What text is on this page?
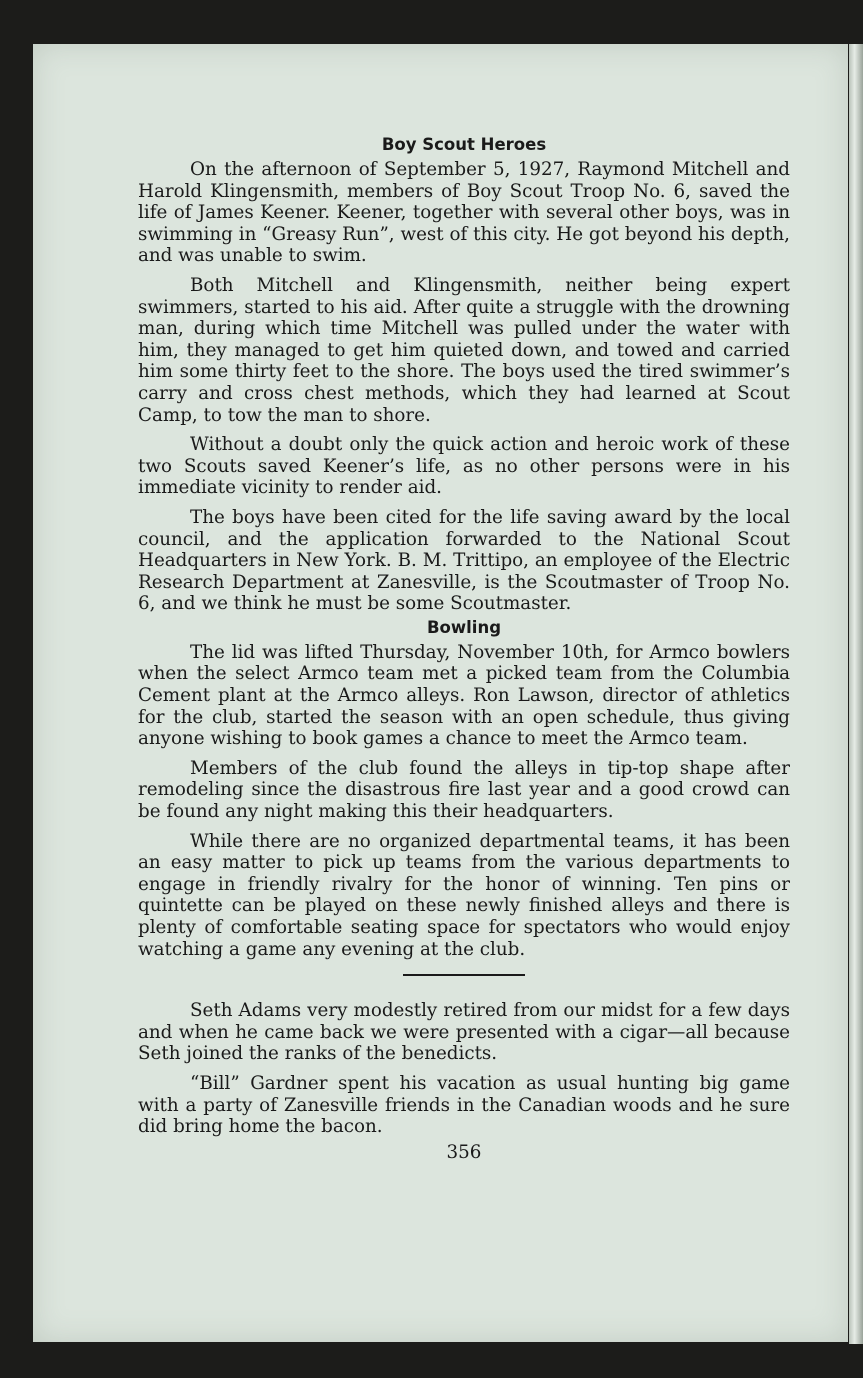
Boy Scout Heroes

On the afternoon of September 5, 1927, Raymond Mitchell and Harold Klingensmith, members of Boy Scout Troop No. 6, saved the life of James Keener. Keener, together with several other boys, was in swimming in “Greasy Run”, west of this city. He got beyond his depth, and was unable to swim.

Both Mitchell and Klingensmith, neither being expert swimmers, started to his aid. After quite a struggle with the drowning man, during which time Mitchell was pulled under the water with him, they managed to get him quieted down, and towed and carried him some thirty feet to the shore. The boys used the tired swimmer’s carry and cross chest methods, which they had learned at Scout Camp, to tow the man to shore.

Without a doubt only the quick action and heroic work of these two Scouts saved Keener’s life, as no other persons were in his immediate vicinity to render aid.

The boys have been cited for the life saving award by the local council, and the application forwarded to the National Scout Headquarters in New York. B. M. Trittipo, an employee of the Electric Research Department at Zanesville, is the Scoutmaster of Troop No. 6, and we think he must be some Scoutmaster.

Bowling

The lid was lifted Thursday, November 10th, for Armco bowlers when the select Armco team met a picked team from the Columbia Cement plant at the Armco alleys. Ron Lawson, director of athletics for the club, started the season with an open schedule, thus giving anyone wishing to book games a chance to meet the Armco team.

Members of the club found the alleys in tip-top shape after remodeling since the disastrous fire last year and a good crowd can be found any night making this their headquarters.

While there are no organized departmental teams, it has been an easy matter to pick up teams from the various departments to engage in friendly rivalry for the honor of winning. Ten pins or quintette can be played on these newly finished alleys and there is plenty of comfortable seating space for spectators who would enjoy watching a game any evening at the club.

Seth Adams very modestly retired from our midst for a few days and when he came back we were presented with a cigar—all because Seth joined the ranks of the benedicts.

“Bill” Gardner spent his vacation as usual hunting big game with a party of Zanesville friends in the Canadian woods and he sure did bring home the bacon.

356
